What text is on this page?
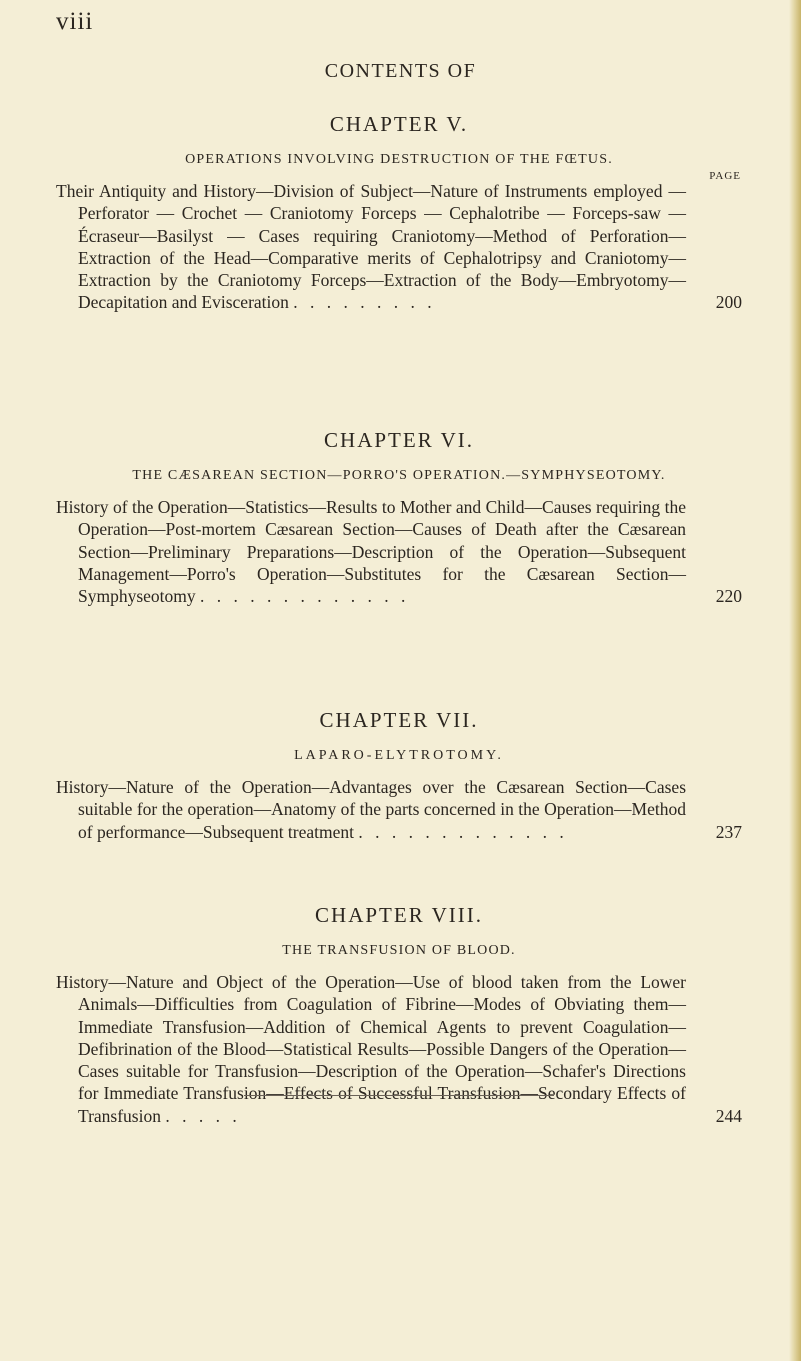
viii
CONTENTS OF
PAGE
CHAPTER V.
OPERATIONS INVOLVING DESTRUCTION OF THE FŒTUS.
Their Antiquity and History—Division of Subject—Nature of Instruments employed — Perforator — Crochet — Craniotomy Forceps — Cephalotribe — Forceps-saw — Écraseur—Basilyst — Cases requiring Craniotomy—Method of Perforation—Extraction of the Head—Comparative merits of Cephalotripsy and Craniotomy—Extraction by the Craniotomy Forceps—Extraction of the Body—Embryotomy—Decapitation and Evisceration . . . . . . . . .	200
CHAPTER VI.
THE CÆSAREAN SECTION—PORRO'S OPERATION.—SYMPHYSEOTOMY.
History of the Operation—Statistics—Results to Mother and Child—Causes requiring the Operation—Post-mortem Cæsarean Section—Causes of Death after the Cæsarean Section—Preliminary Preparations—Description of the Operation—Subsequent Management—Porro's Operation—Substitutes for the Cæsarean Section—Symphyseotomy . . . . . . . . . . . . .	220
CHAPTER VII.
LAPARO-ELYTROTOMY.
History—Nature of the Operation—Advantages over the Cæsarean Section—Cases suitable for the operation—Anatomy of the parts concerned in the Operation—Method of performance—Subsequent treatment . . . . . . . . . . . . .	237
CHAPTER VIII.
THE TRANSFUSION OF BLOOD.
History—Nature and Object of the Operation—Use of blood taken from the Lower Animals—Difficulties from Coagulation of Fibrine—Modes of Obviating them—Immediate Transfusion—Addition of Chemical Agents to prevent Coagulation—Defibrination of the Blood—Statistical Results—Possible Dangers of the Operation—Cases suitable for Transfusion—Description of the Operation—Schafer's Directions for Immediate Transfusion—Effects of Successful Transfusion—Secondary Effects of Transfusion . . . . .	244
